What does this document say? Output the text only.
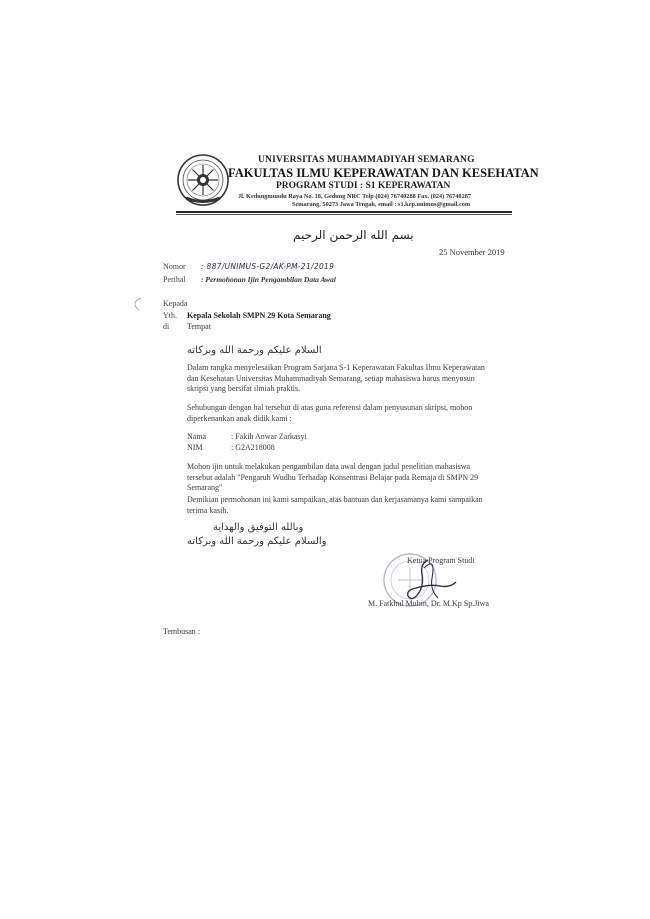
UNIVERSITAS MUHAMMADIYAH SEMARANG
FAKULTAS ILMU KEPERAWATAN DAN KESEHATAN
PROGRAM STUDI : S1 KEPERAWATAN
Jl. Kedungmundu Raya No. 18, Gedung NRC Telp (024) 76740288 Fax. (024) 76740287
Semarang, 50273 Jawa Tengah, email : s1.kep.unimus@gmail.com
بسم الله الرحمن الرحيم
25 November 2019
Nomor : 887/UNIMUS-G2/AK-PM-21/2019
Perihal : Permohonan Ijin Pengambilan Data Awal
Kepada
Yth. Kepala Sekolah SMPN 29 Kota Semarang
di Tempat
السلام عليكم ورحمة الله وبركاته
Dalam rangka menyelesaikan Program Sarjana S-1 Keperawatan Fakultas Ilmu Keperawatan
dan Kesehatan Universitas Muhammadiyah Semarang, setiap mahasiswa harus menyusun
skripsi yang bersifat ilmiah praktis.
Sehubungan dengan hal tersebut di atas guna referensi dalam penyusunan skripsi, mohon
diperkenankan anak didik kami :
Nama	: Fakih Anwar Zarkasyi
NIM	: G2A218008
Mohon ijin untuk melakukan pengambilan data awal dengan judul penelitian mahasiswa
tersebut adalah "Pengaruh Wudhu Terhadap Konsentrasi Belajar pada Remaja di SMPN 29
Semarang"
Demikian permohonan ini kami sampaikan, atas bantuan dan kerjasamanya kami sampaikan
terima kasih.
وبالله التوفيق والهداية
والسلام عليكم ورحمة الله وبركاته
Ketua Program Studi
M. Fatkhul Mubin, Dr. M.Kp Sp.Jiwa
Tembusan :
